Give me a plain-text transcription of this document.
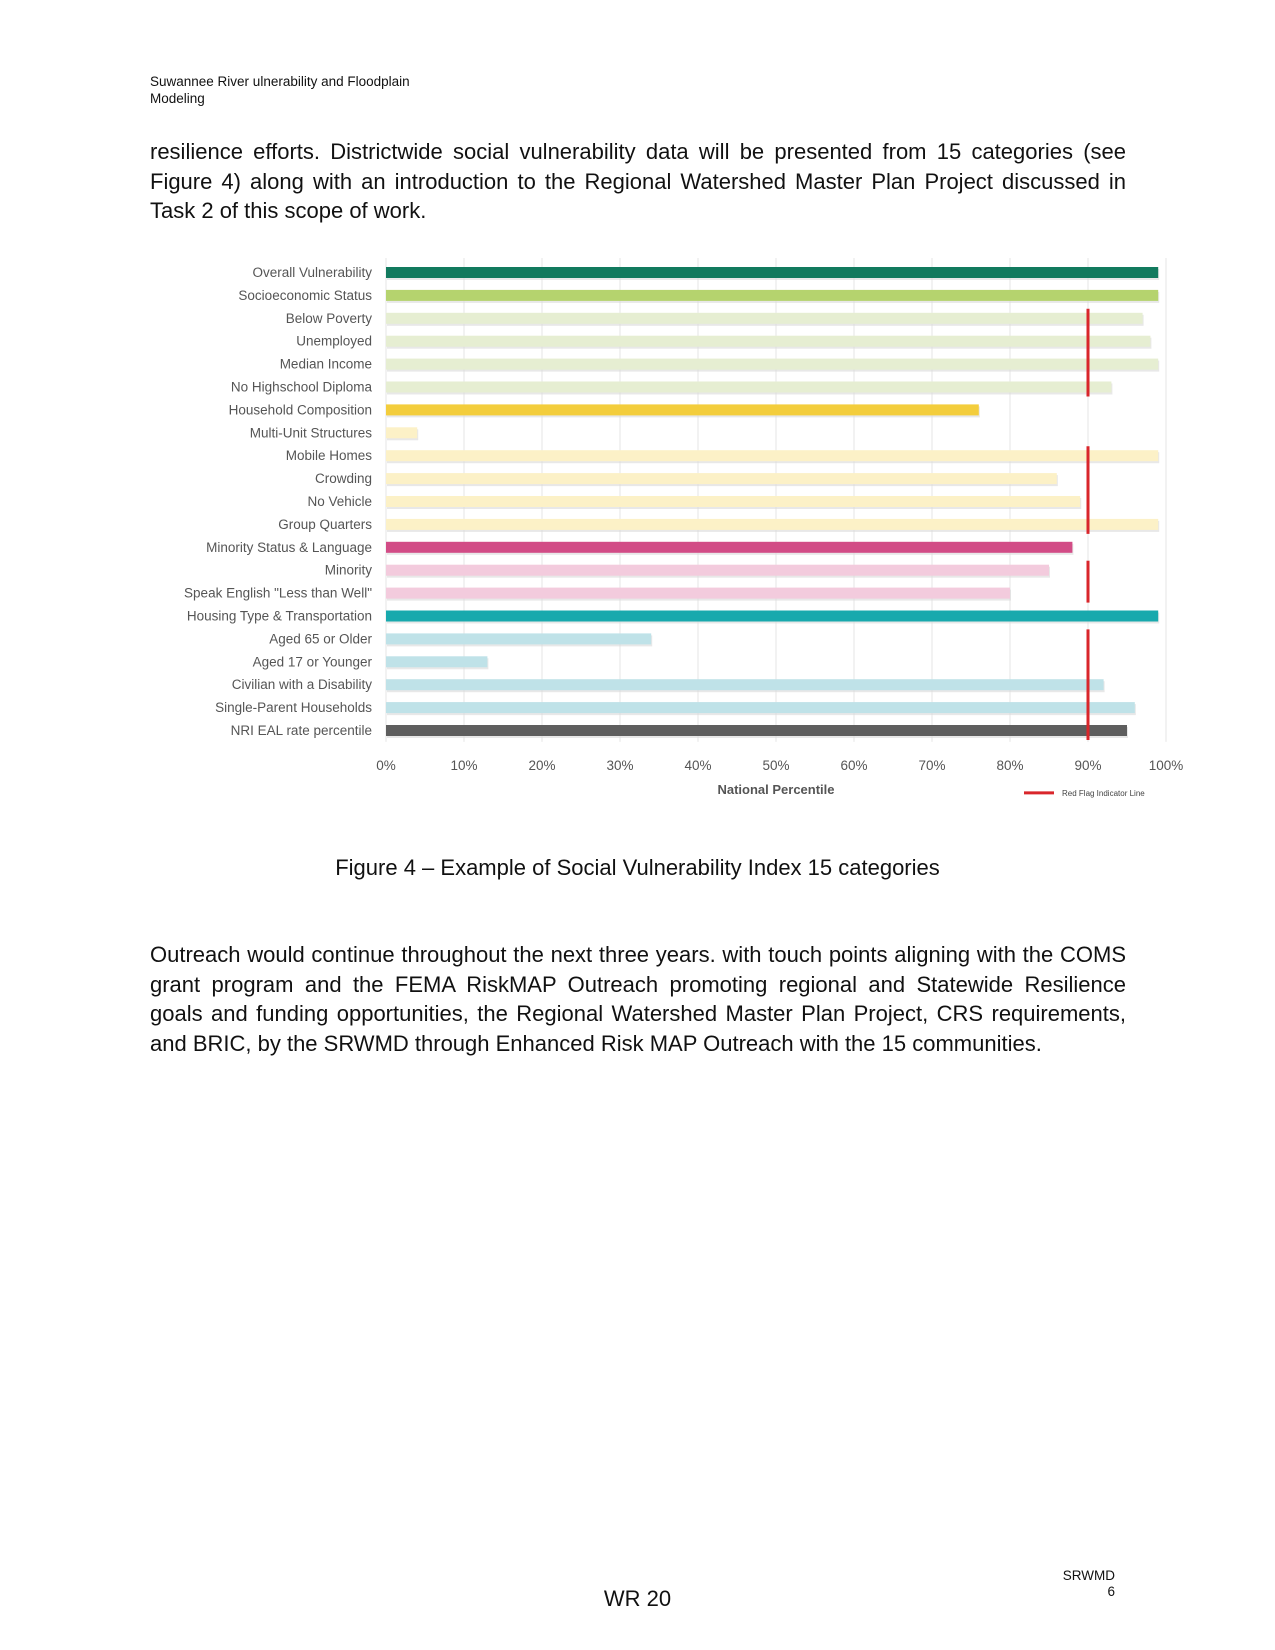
Suwannee River ulnerability and Floodplain
Modeling

resilience efforts. Districtwide social vulnerability data will be presented from 15 categories (see Figure 4) along with an introduction to the Regional Watershed Master Plan Project discussed in Task 2 of this scope of work.

Overall Vulnerability
Socioeconomic Status
Below Poverty
Unemployed
Median Income
No Highschool Diploma
Household Composition
Multi-Unit Structures
Mobile Homes
Crowding
No Vehicle
Group Quarters
Minority Status & Language
Minority
Speak English "Less than Well"
Housing Type & Transportation
Aged 65 or Older
Aged 17 or Younger
Civilian with a Disability
Single-Parent Households
NRI EAL rate percentile
0%	10%	20%	30%	40%	50%	60%	70%	80%	90%	100%
National Percentile	Red Flag Indicator Line
Figure 4 – Example of Social Vulnerability Index 15 categories

Outreach would continue throughout the next three years. with touch points aligning with the COMS grant program and the FEMA RiskMAP Outreach promoting regional and Statewide Resilience goals and funding opportunities, the Regional Watershed Master Plan Project, CRS requirements, and BRIC, by the SRWMD through Enhanced Risk MAP Outreach with the 15 communities.

WR 20
SRWMD
6
